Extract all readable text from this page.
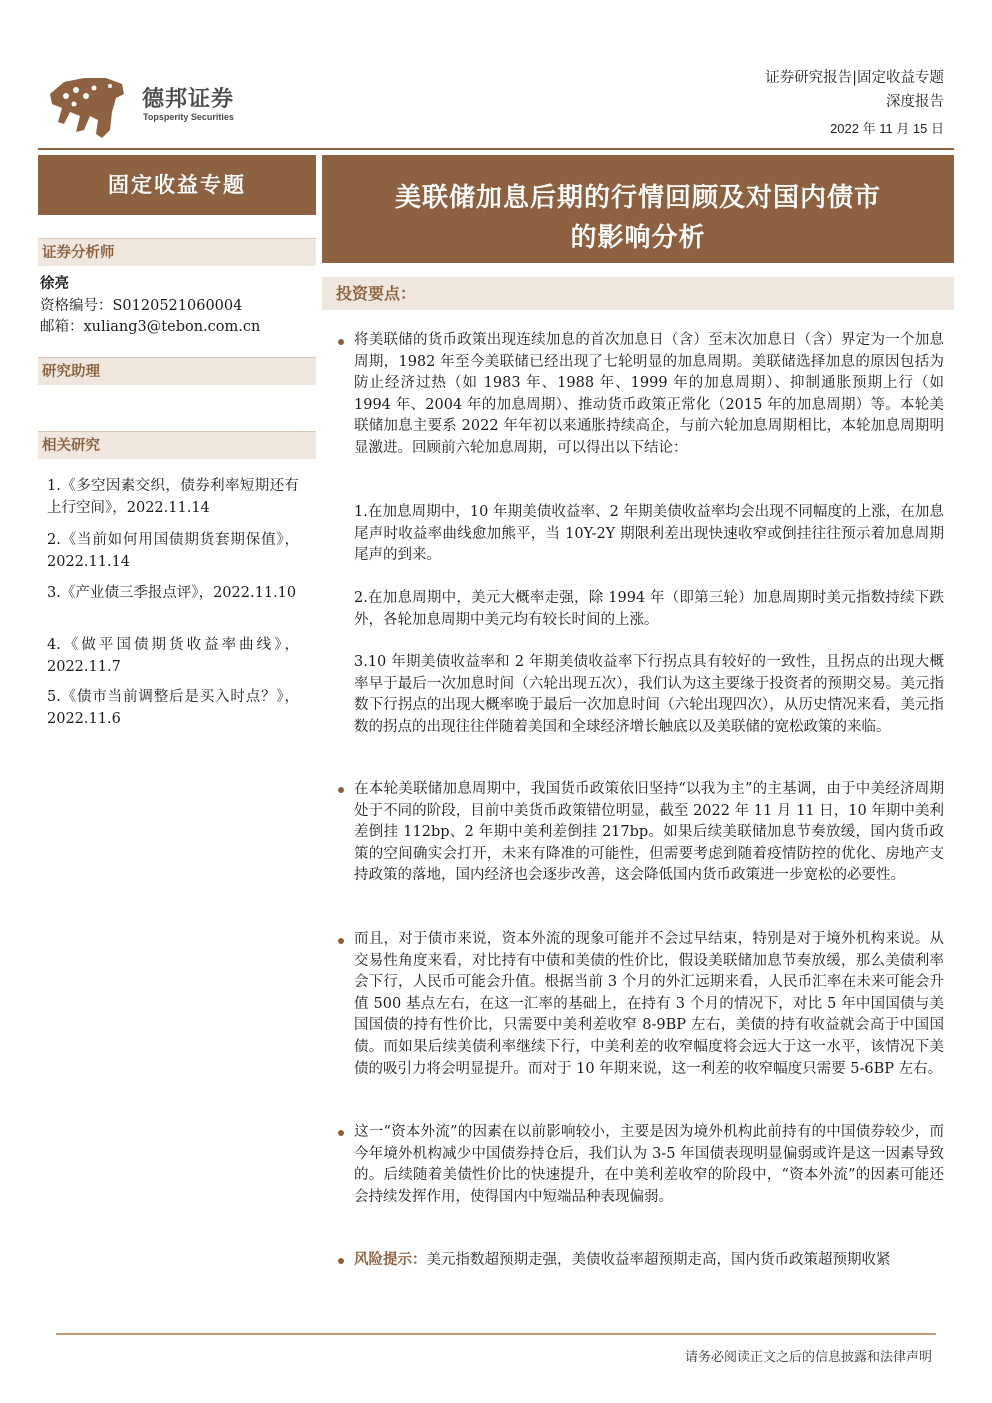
德邦证券
Topsperity Securities
证券研究报告|固定收益专题
深度报告
2022 年 11 月 15 日
固定收益专题	美联储加息后期的行情回顾及对国内债市
的影响分析
证券分析师
徐亮
资格编号：S0120521060004
邮箱：xuliang3@tebon.com.cn
研究助理
相关研究
1.《多空因素交织，债券利率短期还有上行空间》，2022.11.14
2.《当前如何用国债期货套期保值》，2022.11.14
3.《产业债三季报点评》，2022.11.10
4.《做平国债期货收益率曲线》，2022.11.7
5.《债市当前调整后是买入时点？》，2022.11.6
投资要点：
将美联储的货币政策出现连续加息的首次加息日（含）至末次加息日（含）界定为一个加息周期，1982 年至今美联储已经出现了七轮明显的加息周期。美联储选择加息的原因包括为防止经济过热（如 1983 年、1988 年、1999 年的加息周期）、抑制通胀预期上行（如 1994 年、2004 年的加息周期）、推动货币政策正常化（2015 年的加息周期）等。本轮美联储加息主要系 2022 年年初以来通胀持续高企，与前六轮加息周期相比，本轮加息周期明显激进。回顾前六轮加息周期，可以得出以下结论：
1.在加息周期中，10 年期美债收益率、2 年期美债收益率均会出现不同幅度的上涨，在加息尾声时收益率曲线愈加熊平，当 10Y-2Y 期限利差出现快速收窄或倒挂往往预示着加息周期尾声的到来。
2.在加息周期中，美元大概率走强，除 1994 年（即第三轮）加息周期时美元指数持续下跌外，各轮加息周期中美元均有较长时间的上涨。
3.10 年期美债收益率和 2 年期美债收益率下行拐点具有较好的一致性，且拐点的出现大概率早于最后一次加息时间（六轮出现五次），我们认为这主要缘于投资者的预期交易。美元指数下行拐点的出现大概率晚于最后一次加息时间（六轮出现四次），从历史情况来看，美元指数的拐点的出现往往伴随着美国和全球经济增长触底以及美联储的宽松政策的来临。
在本轮美联储加息周期中，我国货币政策依旧坚持“以我为主”的主基调，由于中美经济周期处于不同的阶段，目前中美货币政策错位明显，截至 2022 年 11 月 11 日，10 年期中美利差倒挂 112bp、2 年期中美利差倒挂 217bp。如果后续美联储加息节奏放缓，国内货币政策的空间确实会打开，未来有降准的可能性，但需要考虑到随着疫情防控的优化、房地产支持政策的落地，国内经济也会逐步改善，这会降低国内货币政策进一步宽松的必要性。
而且，对于债市来说，资本外流的现象可能并不会过早结束，特别是对于境外机构来说。从交易性角度来看，对比持有中债和美债的性价比，假设美联储加息节奏放缓，那么美债利率会下行，人民币可能会升值。根据当前 3 个月的外汇远期来看，人民币汇率在未来可能会升值 500 基点左右，在这一汇率的基础上，在持有 3 个月的情况下，对比 5 年中国国债与美国国债的持有性价比，只需要中美利差收窄 8-9BP 左右，美债的持有收益就会高于中国国债。而如果后续美债利率继续下行，中美利差的收窄幅度将会远大于这一水平，该情况下美债的吸引力将会明显提升。而对于 10 年期来说，这一利差的收窄幅度只需要 5-6BP 左右。
这一“资本外流”的因素在以前影响较小，主要是因为境外机构此前持有的中国债券较少，而今年境外机构减少中国债券持仓后，我们认为 3-5 年国债表现明显偏弱或许是这一因素导致的。后续随着美债性价比的快速提升，在中美利差收窄的阶段中，“资本外流”的因素可能还会持续发挥作用，使得国内中短端品种表现偏弱。
风险提示：美元指数超预期走强，美债收益率超预期走高，国内货币政策超预期收紧
请务必阅读正文之后的信息披露和法律声明
